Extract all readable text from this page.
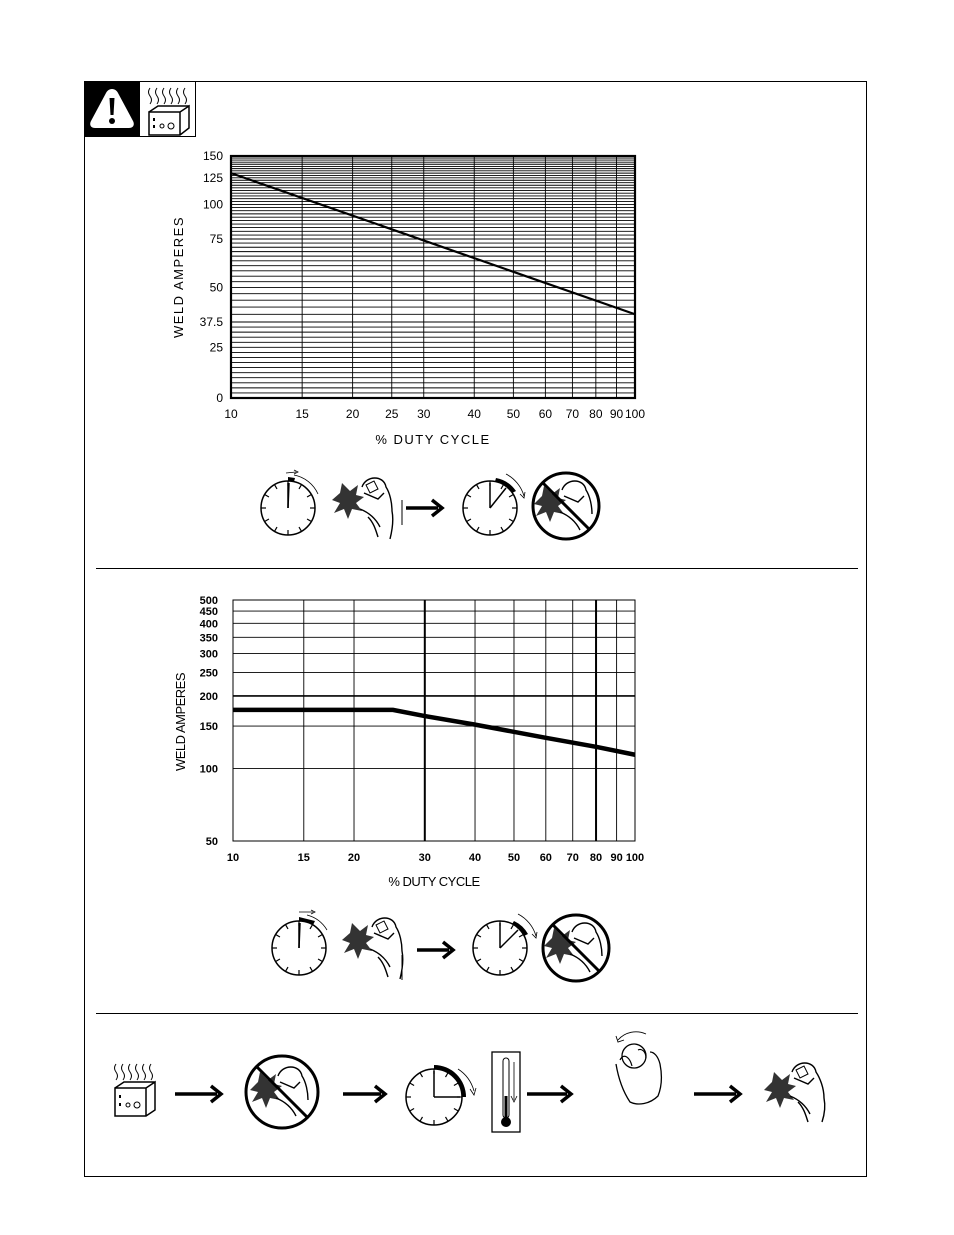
10	15	20 25 30	40 50 60 70 80 90 100
150
125
100
75
50
37.5
25
0
% DUTY CYCLE
WELD AMPERES
10	15	20	30	40 50 60 70 80 90 100
500
450
400
350
300
250
200
150
100
50
% DUTY CYCLE
WELD AMPERES
